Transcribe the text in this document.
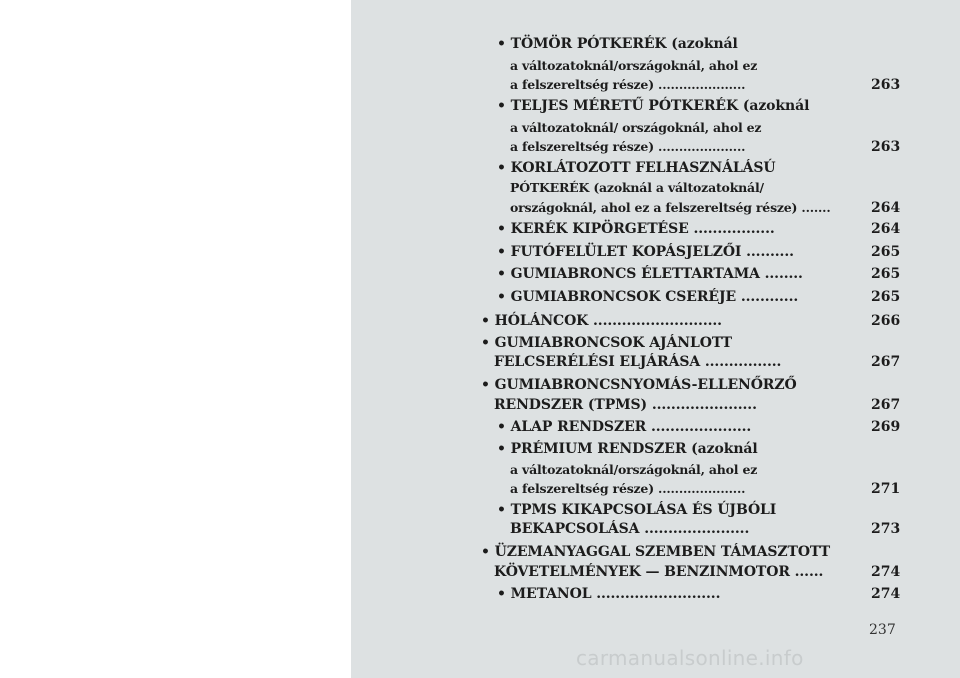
• TÖMÖR PÓTKERÉK (azoknál
a változatoknál/országoknál, ahol ez
a felszereltség része) .....................	263
• TELJES MÉRETŰ PÓTKERÉK (azoknál
a változatoknál/ országoknál, ahol ez
a felszereltség része) .....................	263
• KORLÁTOZOTT FELHASZNÁLÁSÚ
PÓTKERÉK (azoknál a változatoknál/
országoknál, ahol ez a felszereltség része) .......	264
• KERÉK KIPÖRGETÉSE .................	264
• FUTÓFELÜLET KOPÁSJELZŐI ..........	265
• GUMIABRONCS ÉLETTARTAMA ........	265
• GUMIABRONCSOK CSERÉJE ............	265
• HÓLÁNCOK ...........................	266
• GUMIABRONCSOK AJÁNLOTT
FELCSERÉLÉSI ELJÁRÁSA ................	267
• GUMIABRONCSNYOMÁS-ELLENŐRZŐ
RENDSZER (TPMS) ......................	267
• ALAP RENDSZER .....................	269
• PRÉMIUM RENDSZER (azoknál
a változatoknál/országoknál, ahol ez
a felszereltség része) .....................	271
• TPMS KIKAPCSOLÁSA ÉS ÚJBÓLI
BEKAPCSOLÁSA ......................	273
• ÜZEMANYAGGAL SZEMBEN TÁMASZTOTT
KÖVETELMÉNYEK — BENZINMOTOR ......	274
• METANOL ..........................	274
237
carmanualsonline.info
